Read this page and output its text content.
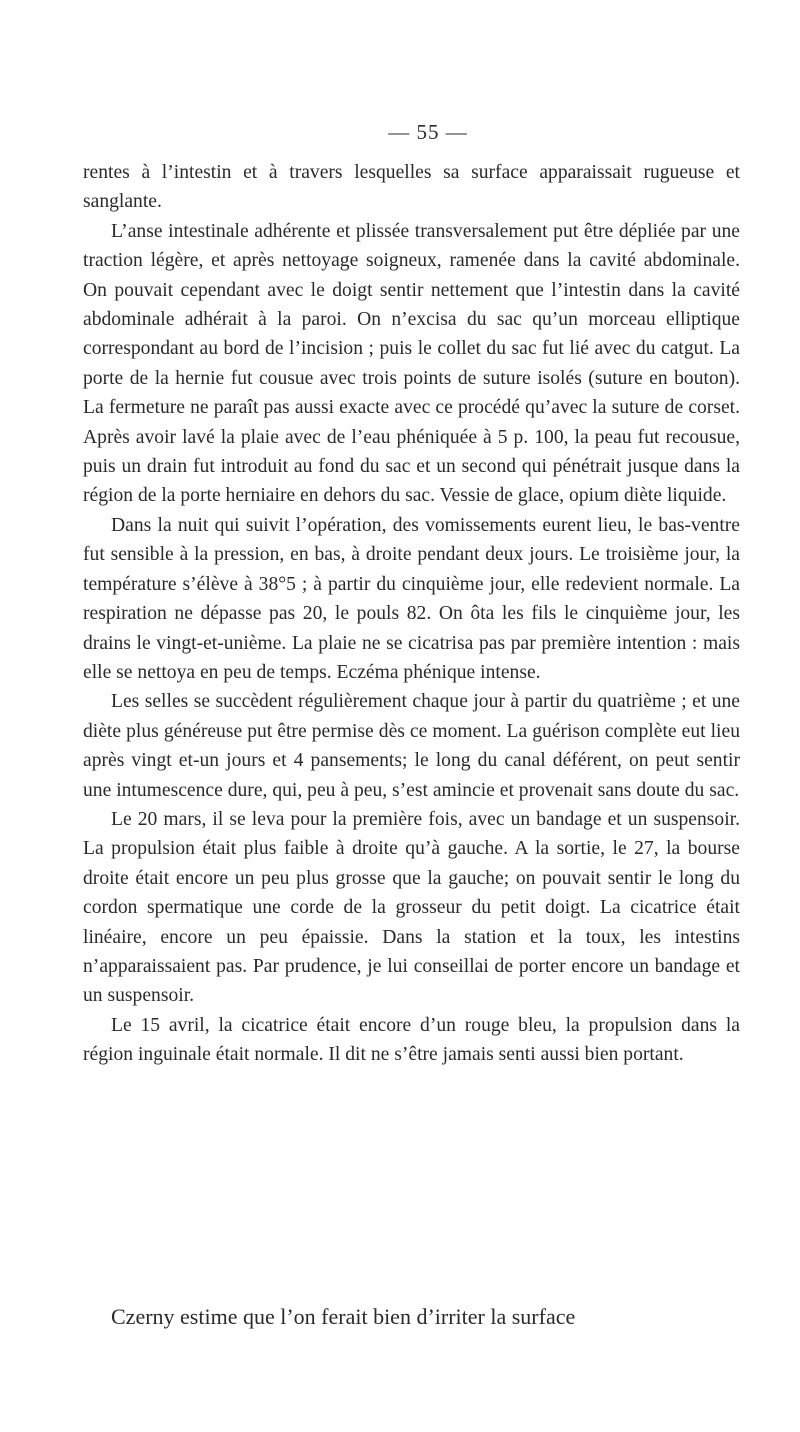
— 55 —

rentes à l’intestin et à travers lesquelles sa surface apparaissait rugueuse et sanglante.

L’anse intestinale adhérente et plissée transversalement put être dépliée par une traction légère, et après nettoyage soigneux, ramenée dans la cavité abdominale. On pouvait cependant avec le doigt sentir nettement que l’intestin dans la cavité abdominale adhérait à la paroi. On n’excisa du sac qu’un morceau elliptique correspondant au bord de l’incision ; puis le collet du sac fut lié avec du catgut. La porte de la hernie fut cousue avec trois points de suture isolés (suture en bouton). La fermeture ne paraît pas aussi exacte avec ce procédé qu’avec la suture de corset. Après avoir lavé la plaie avec de l’eau phéniquée à 5 p. 100, la peau fut recousue, puis un drain fut introduit au fond du sac et un second qui pénétrait jusque dans la région de la porte herniaire en dehors du sac. Vessie de glace, opium diète liquide.

Dans la nuit qui suivit l’opération, des vomissements eurent lieu, le bas-ventre fut sensible à la pression, en bas, à droite pendant deux jours. Le troisième jour, la température s’élève à 38°5 ; à partir du cinquième jour, elle redevient normale. La respiration ne dépasse pas 20, le pouls 82. On ôta les fils le cinquième jour, les drains le vingt-et-unième. La plaie ne se cicatrisa pas par première intention : mais elle se nettoya en peu de temps. Eczéma phénique intense.

Les selles se succèdent régulièrement chaque jour à partir du quatrième ; et une diète plus généreuse put être permise dès ce moment. La guérison complète eut lieu après vingt et-un jours et 4 pansements; le long du canal déférent, on peut sentir une intumescence dure, qui, peu à peu, s’est amincie et provenait sans doute du sac.

Le 20 mars, il se leva pour la première fois, avec un bandage et un suspensoir. La propulsion était plus faible à droite qu’à gauche. A la sortie, le 27, la bourse droite était encore un peu plus grosse que la gauche; on pouvait sentir le long du cordon spermatique une corde de la grosseur du petit doigt. La cicatrice était linéaire, encore un peu épaissie. Dans la station et la toux, les intestins n’apparaissaient pas. Par prudence, je lui conseillai de porter encore un bandage et un suspensoir.

Le 15 avril, la cicatrice était encore d’un rouge bleu, la propulsion dans la région inguinale était normale. Il dit ne s’être jamais senti aussi bien portant.

Czerny estime que l’on ferait bien d’irriter la surface
